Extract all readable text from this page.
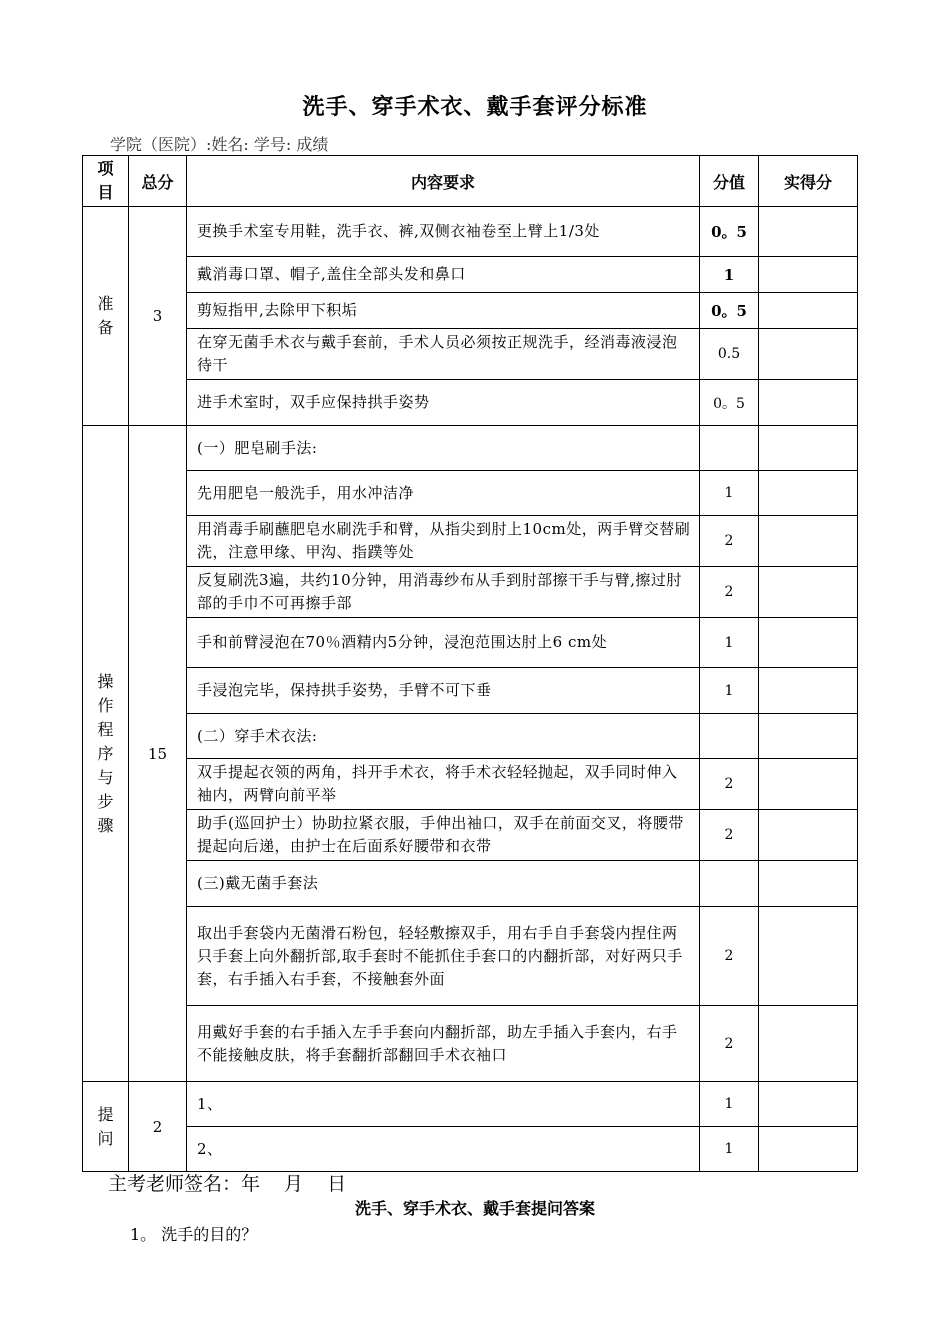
洗手、穿手术衣、戴手套评分标准
学院（医院）:姓名: 学号: 成绩
项目	总分	内容要求	分值	实得分
准备	3	更换手术室专用鞋，洗手衣、裤,双侧衣袖卷至上臂上1/3处	0。5	
		戴消毒口罩、帽子,盖住全部头发和鼻口	1	
		剪短指甲,去除甲下积垢	0。5	
		在穿无菌手术衣与戴手套前，手术人员必须按正规洗手，经消毒液浸泡待干	0.5	
		进手术室时，双手应保持拱手姿势	0。5	
操作程序与步骤	15	(一）肥皂刷手法:		
		先用肥皂一般洗手，用水冲洁净	1	
		用消毒手刷蘸肥皂水刷洗手和臂，从指尖到肘上10cm处，两手臂交替刷洗，注意甲缘、甲沟、指蹼等处	2	
		反复刷洗3遍，共约10分钟，用消毒纱布从手到肘部擦干手与臂,擦过肘部的手巾不可再擦手部	2	
		手和前臂浸泡在70％酒精内5分钟，浸泡范围达肘上6 cm处	1	
		手浸泡完毕，保持拱手姿势，手臂不可下垂	1	
		(二）穿手术衣法:		
		双手提起衣领的两角，抖开手术衣，将手术衣轻轻抛起，双手同时伸入袖内，两臂向前平举	2	
		助手(巡回护士）协助拉紧衣服，手伸出袖口，双手在前面交叉，将腰带提起向后递，由护士在后面系好腰带和衣带	2	
		(三)戴无菌手套法		
		取出手套袋内无菌滑石粉包，轻轻敷擦双手，用右手自手套袋内捏住两只手套上向外翻折部,取手套时不能抓住手套口的内翻折部，对好两只手套，右手插入右手套，不接触套外面	2	
		用戴好手套的右手插入左手手套向内翻折部，助左手插入手套内，右手不能接触皮肤，将手套翻折部翻回手术衣袖口	2	
提问	2	1、	1	
		2、	1	
主考老师签名：年 月 日
洗手、穿手术衣、戴手套提问答案
1。 洗手的目的？
